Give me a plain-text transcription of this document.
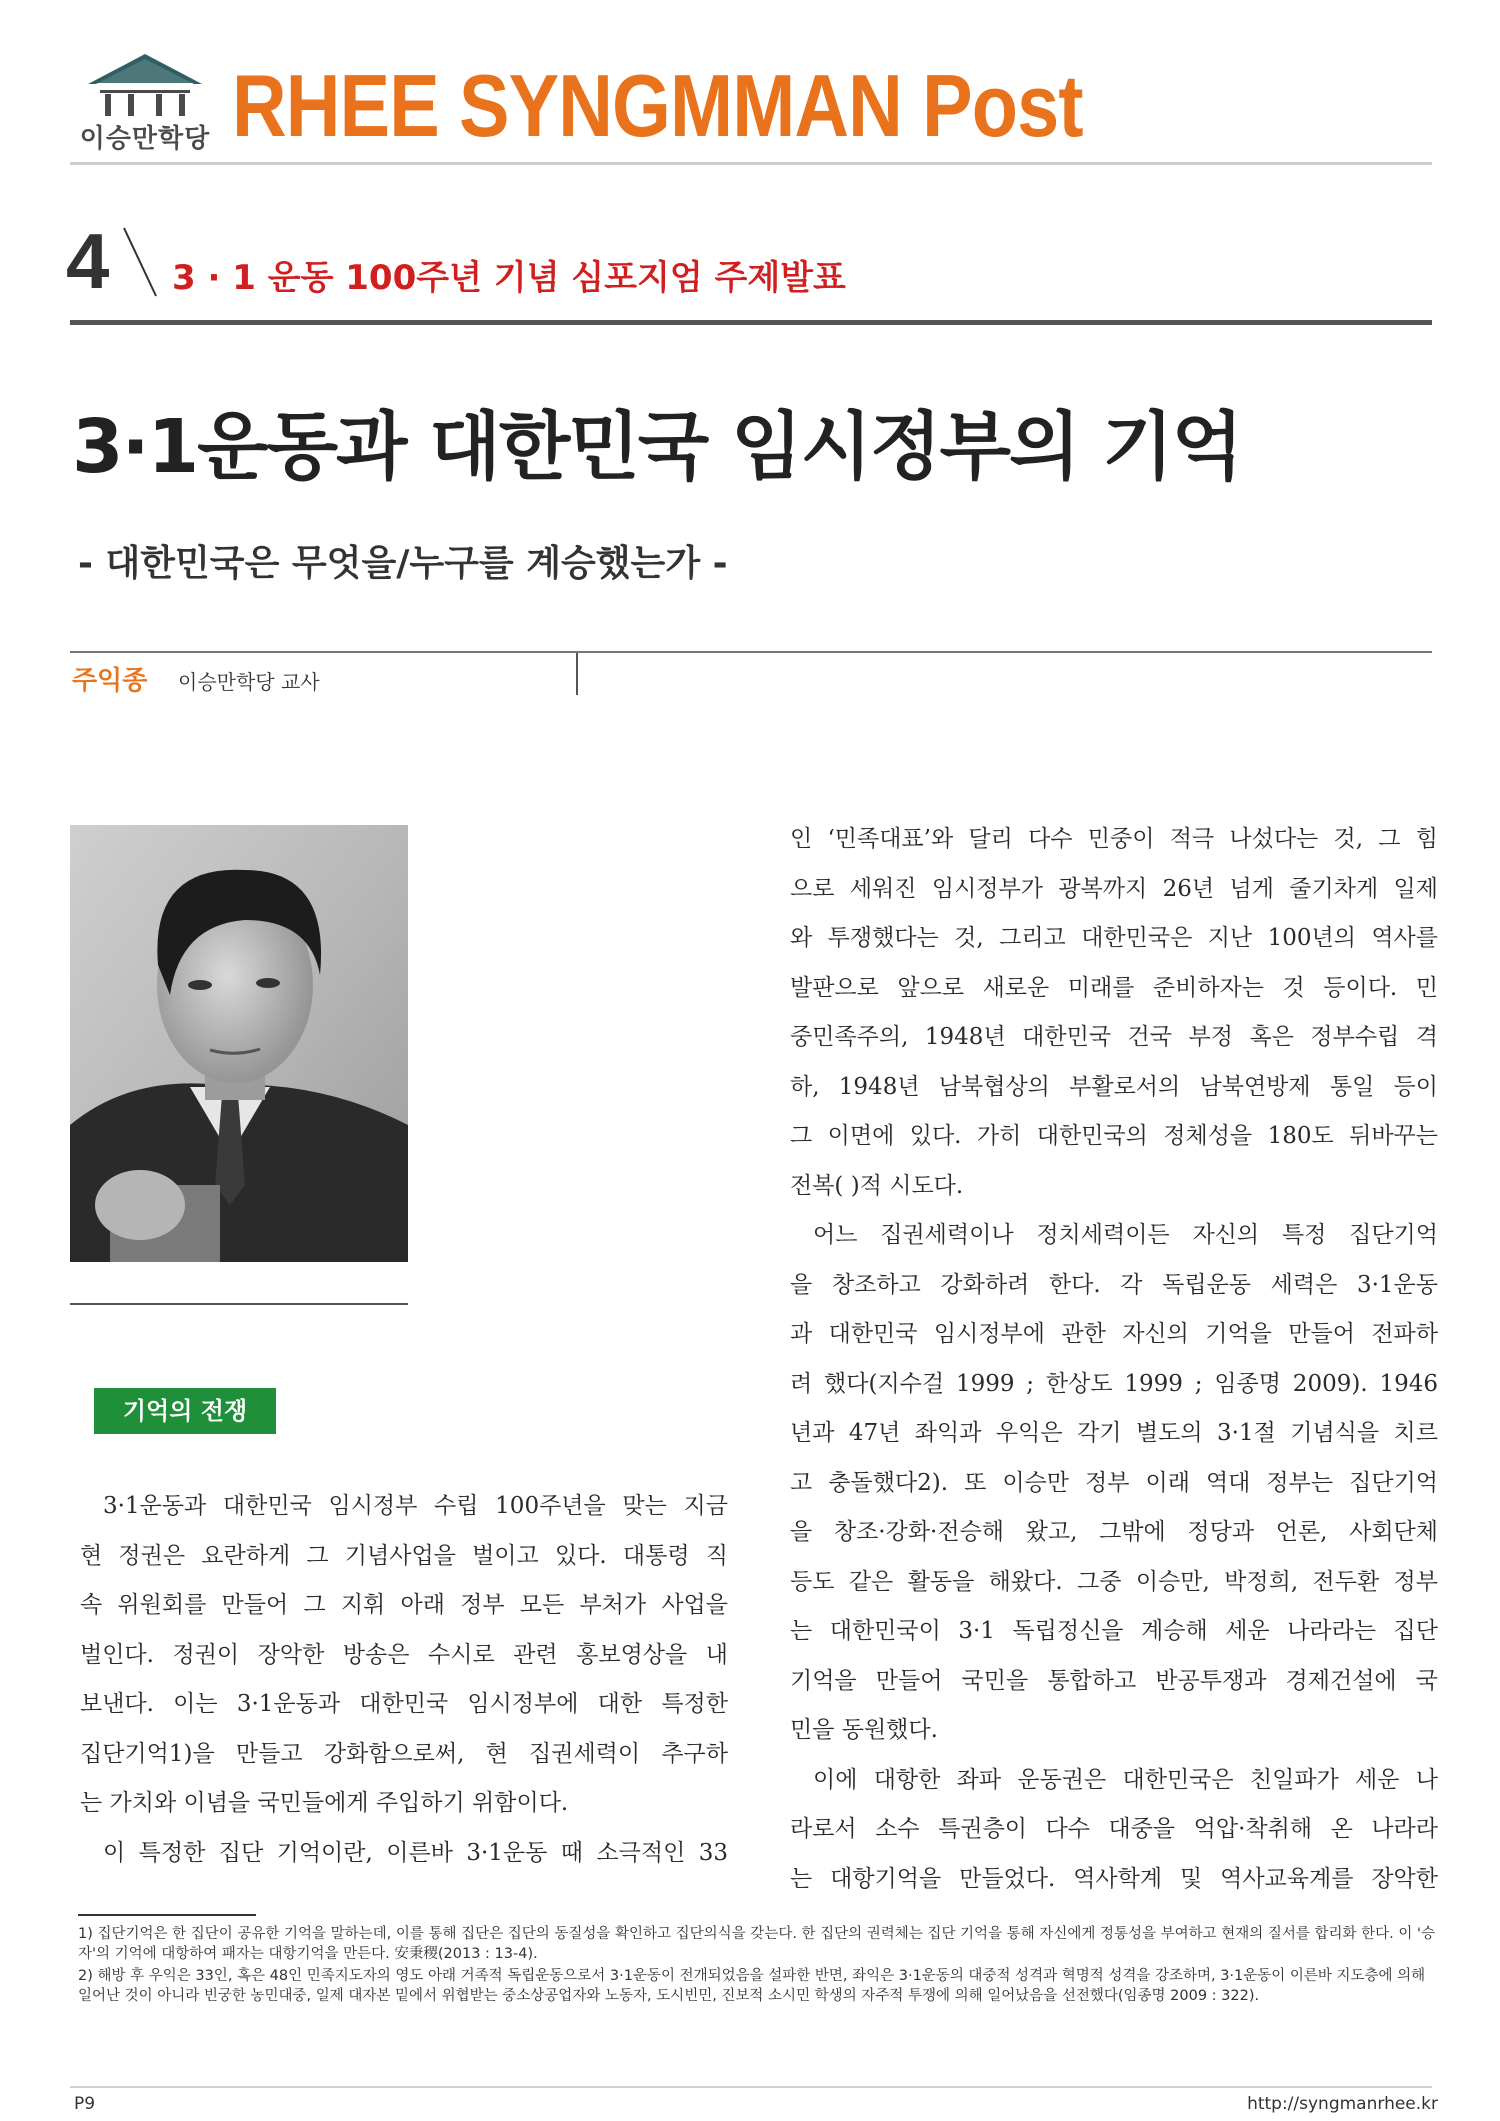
이승만학당 RHEE SYNGMMAN Post
4 3 · 1 운동 100주년 기념 심포지엄 주제발표
3·1운동과 대한민국 임시정부의 기억
- 대한민국은 무엇을/누구를 계승했는가 -
주익종 이승만학당 교사
기억의 전쟁
3·1운동과 대한민국 임시정부 수립 100주년을 맞는 지금
현 정권은 요란하게 그 기념사업을 벌이고 있다. 대통령 직
속 위원회를 만들어 그 지휘 아래 정부 모든 부처가 사업을
벌인다. 정권이 장악한 방송은 수시로 관련 홍보영상을 내
보낸다. 이는 3·1운동과 대한민국 임시정부에 대한 특정한
집단기억1)을 만들고 강화함으로써, 현 집권세력이 추구하
는 가치와 이념을 국민들에게 주입하기 위함이다.
이 특정한 집단 기억이란, 이른바 3·1운동 때 소극적인 33
인 ‘민족대표’와 달리 다수 민중이 적극 나섰다는 것, 그 힘
으로 세워진 임시정부가 광복까지 26년 넘게 줄기차게 일제
와 투쟁했다는 것, 그리고 대한민국은 지난 100년의 역사를
발판으로 앞으로 새로운 미래를 준비하자는 것 등이다. 민
중민족주의, 1948년 대한민국 건국 부정 혹은 정부수립 격
하, 1948년 남북협상의 부활로서의 남북연방제 통일 등이
그 이면에 있다. 가히 대한민국의 정체성을 180도 뒤바꾸는
전복( )적 시도다.
어느 집권세력이나 정치세력이든 자신의 특정 집단기억
을 창조하고 강화하려 한다. 각 독립운동 세력은 3·1운동
과 대한민국 임시정부에 관한 자신의 기억을 만들어 전파하
려 했다(지수걸 1999 ; 한상도 1999 ; 임종명 2009). 1946
년과 47년 좌익과 우익은 각기 별도의 3·1절 기념식을 치르
고 충돌했다2). 또 이승만 정부 이래 역대 정부는 집단기억
을 창조·강화·전승해 왔고, 그밖에 정당과 언론, 사회단체
등도 같은 활동을 해왔다. 그중 이승만, 박정희, 전두환 정부
는 대한민국이 3·1 독립정신을 계승해 세운 나라라는 집단
기억을 만들어 국민을 통합하고 반공투쟁과 경제건설에 국
민을 동원했다.
이에 대항한 좌파 운동권은 대한민국은 친일파가 세운 나
라로서 소수 특권층이 다수 대중을 억압·착취해 온 나라라
는 대항기억을 만들었다. 역사학계 및 역사교육계를 장악한
1) 집단기억은 한 집단이 공유한 기억을 말하는데, 이를 통해 집단은 집단의 동질성을 확인하고 집단의식을 갖는다. 한 집단의 권력체는 집단 기억을 통해 자신에게 정통성을 부여하고 현재의 질서를 합리화 한다. 이 '승자'의 기억에 대항하여 패자는 대항기억을 만든다. 安秉稷(2013 : 13-4).
2) 해방 후 우익은 33인, 혹은 48인 민족지도자의 영도 아래 거족적 독립운동으로서 3·1운동이 전개되었음을 설파한 반면, 좌익은 3·1운동의 대중적 성격과 혁명적 성격을 강조하며, 3·1운동이 이른바 지도층에 의해 일어난 것이 아니라 빈궁한 농민대중, 일제 대자본 밑에서 위협받는 중소상공업자와 노동자, 도시빈민, 진보적 소시민 학생의 자주적 투쟁에 의해 일어났음을 선전했다(임종명 2009 : 322).
P9	http://syngmanrhee.kr
